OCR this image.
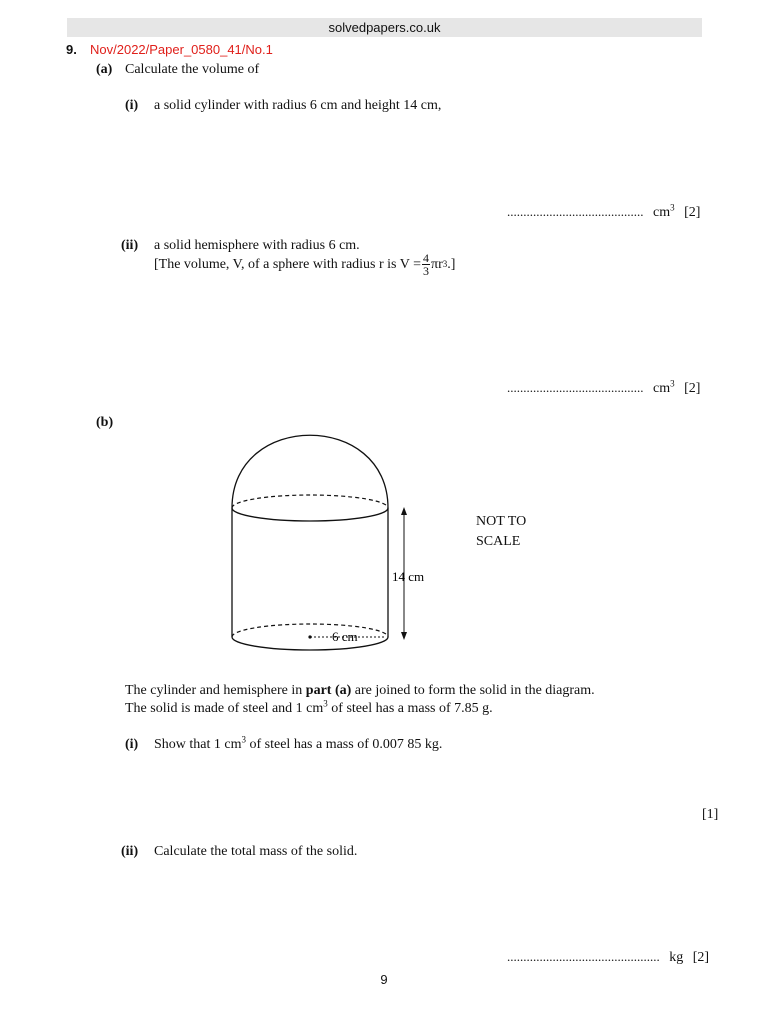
solvedpapers.co.uk
9. Nov/2022/Paper_0580_41/No.1
(a) Calculate the volume of
(i) a solid cylinder with radius 6 cm and height 14 cm,
.......................................... $cm^3$ [2]
(ii) a solid hemisphere with radius 6 cm.
[The volume, V, of a sphere with radius r is $V = \frac{4}{3}$ πr 3 .]
.......................................... $cm^3$ [2]
(b)
6 cm
14 cm
NOT TO
SCALE
The cylinder and hemisphere in part (a) are joined to form the solid in the diagram.
The solid is made of steel and 1 $cm^3$ of steel has a mass of 7.85 g.
(i) Show that 1 $cm^3$ of steel has a mass of 0.007 85 kg.
[1]
(ii) Calculate the total mass of the solid.
............................................... kg [2]
9
